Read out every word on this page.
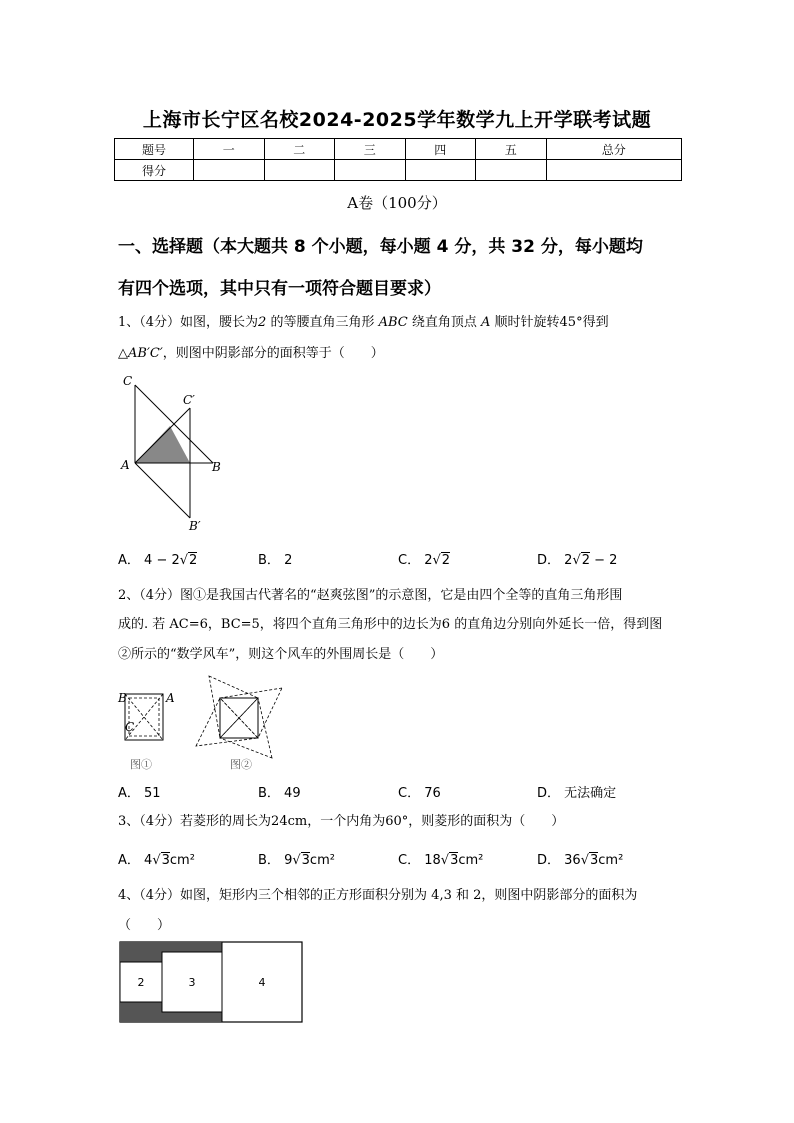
上海市长宁区名校2024-2025学年数学九上开学联考试题
题号	一	二	三	四	五	总分
得分						
A卷（100分）
一、选择题（本大题共 8 个小题，每小题 4 分，共 32 分，每小题均
有四个选项，其中只有一项符合题目要求）
1、（4分）如图，腰长为2 的等腰直角三角形 ABC 绕直角顶点 A 顺时针旋转45°得到
△AB′C′，则图中阴影部分的面积等于（　　）
C
C′
A	B
B′
A． 4 − 2√2	B． 2	C． 2√2	D． 2√2 − 2
2、（4分）图①是我国古代著名的“赵爽弦图”的示意图，它是由四个全等的直角三角形围
成的. 若 AC=6，BC=5，将四个直角三角形中的边长为6 的直角边分别向外延长一倍，得到图
②所示的“数学风车”，则这个风车的外围周长是（　　）
B	A
C
图①	图②
A． 51	B． 49	C． 76	D． 无法确定
3、（4分）若菱形的周长为24cm，一个内角为60°，则菱形的面积为（　　）
A． 4√3cm²	B． 9√3cm²	C． 18√3cm²	D． 36√3cm²
4、（4分）如图，矩形内三个相邻的正方形面积分别为 4,3 和 2，则图中阴影部分的面积为
（　　）
2	3	4
